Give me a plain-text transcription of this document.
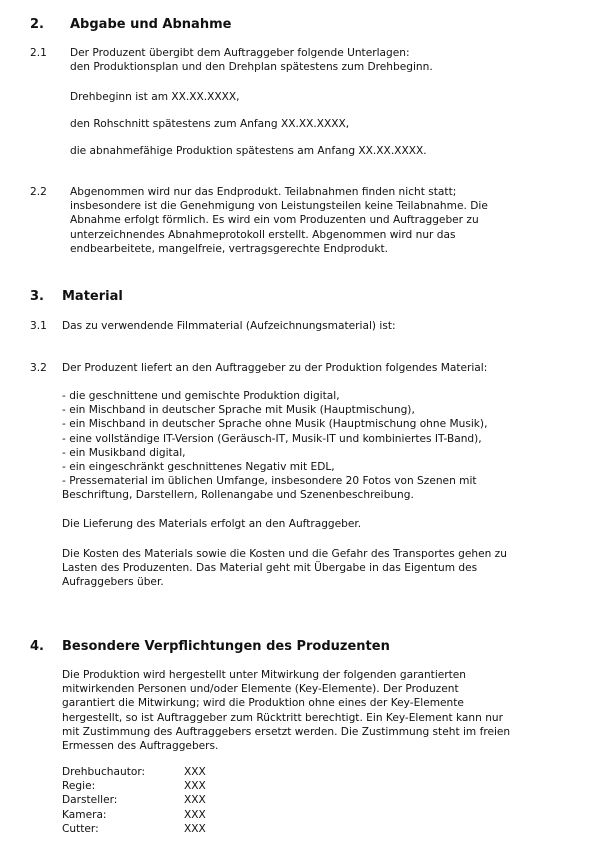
2. Abgabe und Abnahme
2.1 Der Produzent übergibt dem Auftraggeber folgende Unterlagen:
den Produktionsplan und den Drehplan spätestens zum Drehbeginn.
Drehbeginn ist am XX.XX.XXXX,
den Rohschnitt spätestens zum Anfang XX.XX.XXXX,
die abnahmefähige Produktion spätestens am Anfang XX.XX.XXXX.
2.2 Abgenommen wird nur das Endprodukt. Teilabnahmen finden nicht statt;
insbesondere ist die Genehmigung von Leistungsteilen keine Teilabnahme. Die
Abnahme erfolgt förmlich. Es wird ein vom Produzenten und Auftraggeber zu
unterzeichnendes Abnahmeprotokoll erstellt. Abgenommen wird nur das
endbearbeitete, mangelfreie, vertragsgerechte Endprodukt.
3. Material
3.1 Das zu verwendende Filmmaterial (Aufzeichnungsmaterial) ist:
3.2 Der Produzent liefert an den Auftraggeber zu der Produktion folgendes Material:
- die geschnittene und gemischte Produktion digital,
- ein Mischband in deutscher Sprache mit Musik (Hauptmischung),
- ein Mischband in deutscher Sprache ohne Musik (Hauptmischung ohne Musik),
- eine vollständige IT-Version (Geräusch-IT, Musik-IT und kombiniertes IT-Band),
- ein Musikband digital,
- ein eingeschränkt geschnittenes Negativ mit EDL,
- Pressematerial im üblichen Umfange, insbesondere 20 Fotos von Szenen mit
Beschriftung, Darstellern, Rollenangabe und Szenenbeschreibung.
Die Lieferung des Materials erfolgt an den Auftraggeber.
Die Kosten des Materials sowie die Kosten und die Gefahr des Transportes gehen zu
Lasten des Produzenten. Das Material geht mit Übergabe in das Eigentum des
Aufraggebers über.
4. Besondere Verpflichtungen des Produzenten
Die Produktion wird hergestellt unter Mitwirkung der folgenden garantierten
mitwirkenden Personen und/oder Elemente (Key-Elemente). Der Produzent
garantiert die Mitwirkung; wird die Produktion ohne eines der Key-Elemente
hergestellt, so ist Auftraggeber zum Rücktritt berechtigt. Ein Key-Element kann nur
mit Zustimmung des Auftraggebers ersetzt werden. Die Zustimmung steht im freien
Ermessen des Auftraggebers.
Drehbuchautor:	XXX
Regie:	XXX
Darsteller:	XXX
Kamera:	XXX
Cutter:	XXX
